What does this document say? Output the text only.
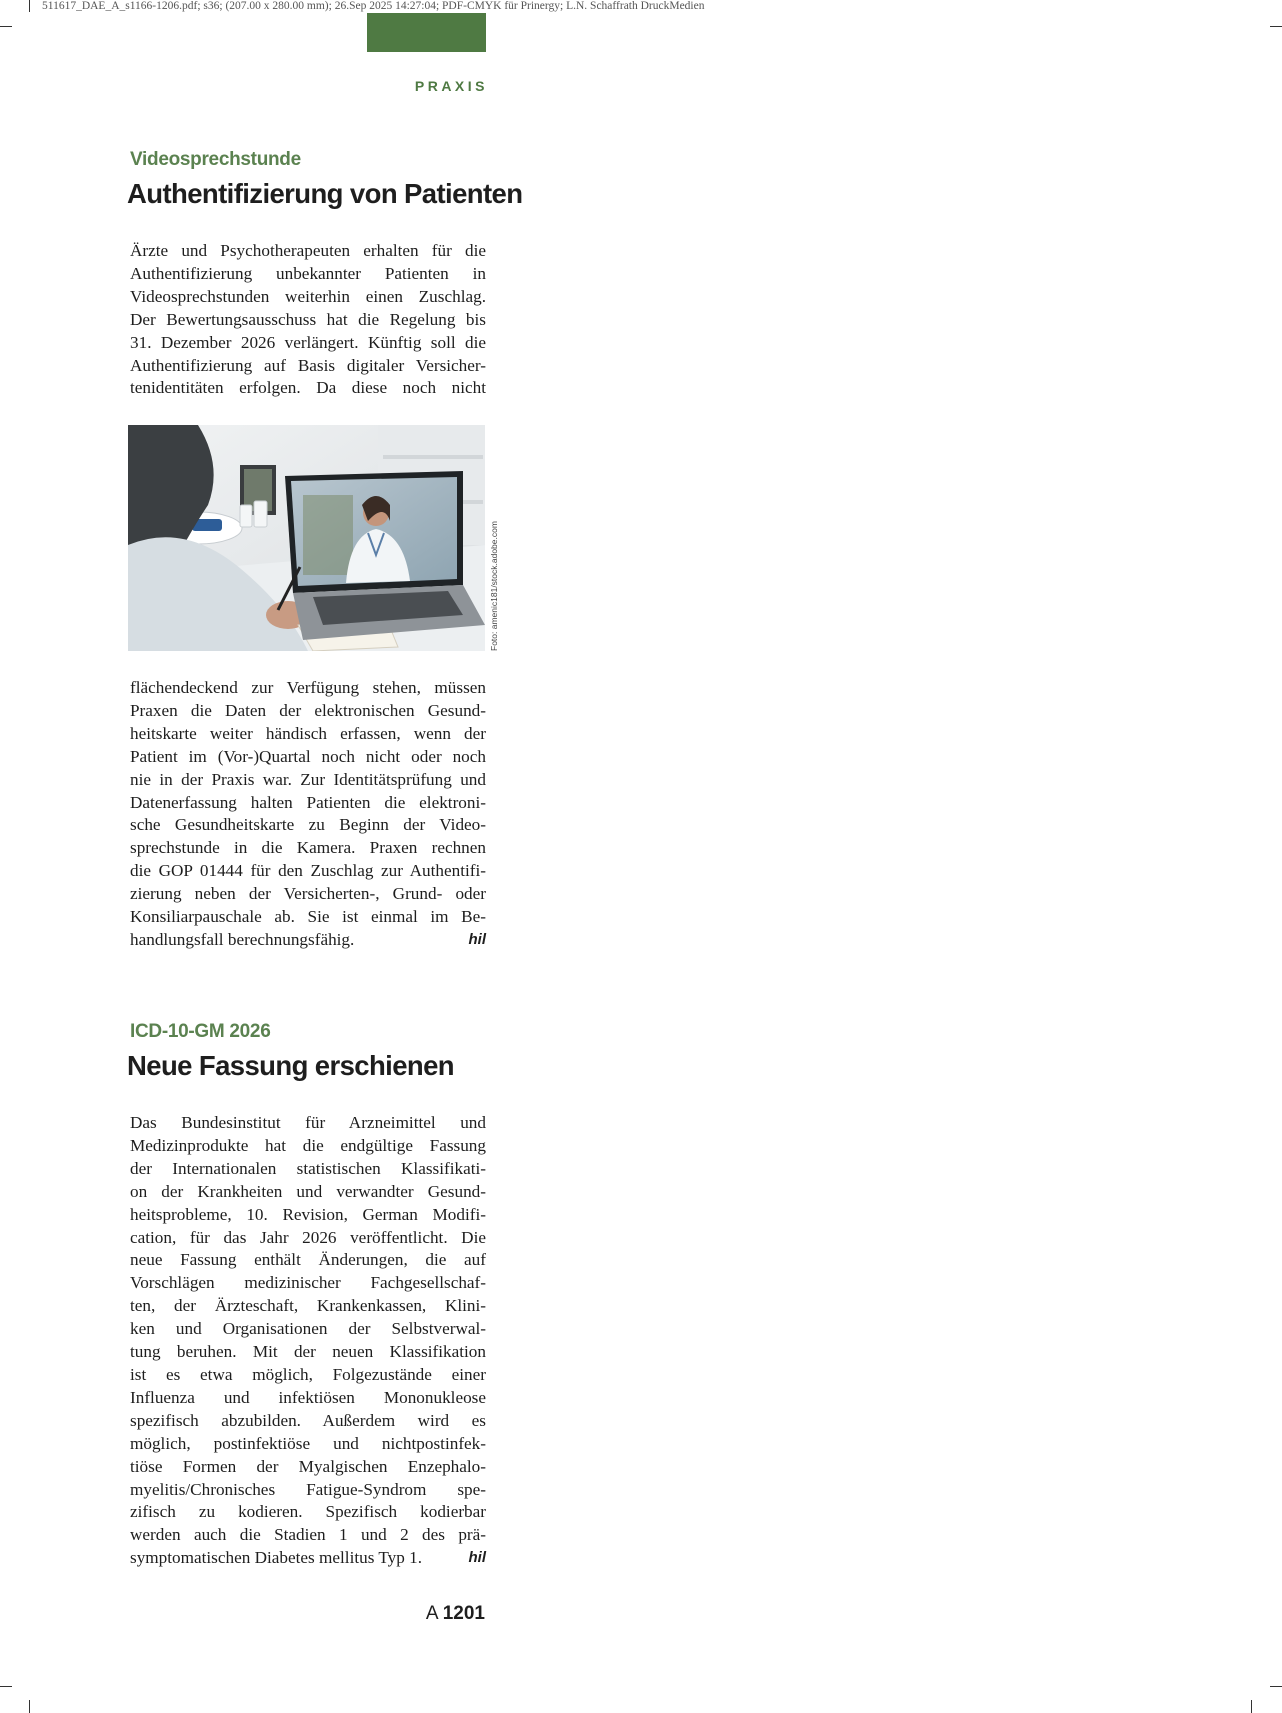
511617_DAE_A_s1166-1206.pdf; s36; (207.00 x 280.00 mm); 26.Sep 2025 14:27:04; PDF-CMYK für Prinergy; L.N. Schaffrath DruckMedien
PRAXIS
Videosprechstunde
Authentifizierung von Patienten
Ärzte und Psychotherapeuten erhalten für die
Authentifizierung unbekannter Patienten in
Videosprechstunden weiterhin einen Zuschlag.
Der Bewertungsausschuss hat die Regelung bis
31. Dezember 2026 verlängert. Künftig soll die
Authentifizierung auf Basis digitaler Versicher-
tenidentitäten erfolgen. Da diese noch nicht
Foto: amenic181/stock.adobe.com
flächendeckend zur Verfügung stehen, müssen
Praxen die Daten der elektronischen Gesund-
heitskarte weiter händisch erfassen, wenn der
Patient im (Vor-)Quartal noch nicht oder noch
nie in der Praxis war. Zur Identitätsprüfung und
Datenerfassung halten Patienten die elektroni-
sche Gesundheitskarte zu Beginn der Video-
sprechstunde in die Kamera. Praxen rechnen
die GOP 01444 für den Zuschlag zur Authentifi-
zierung neben der Versicherten-, Grund- oder
Konsiliarpauschale ab. Sie ist einmal im Be-
handlungsfall berechnungsfähig.	hil
ICD-10-GM 2026
Neue Fassung erschienen
Das Bundesinstitut für Arzneimittel und
Medizinprodukte hat die endgültige Fassung
der Internationalen statistischen Klassifikati-
on der Krankheiten und verwandter Gesund-
heitsprobleme, 10. Revision, German Modifi-
cation, für das Jahr 2026 veröffentlicht. Die
neue Fassung enthält Änderungen, die auf
Vorschlägen medizinischer Fachgesellschaf-
ten, der Ärzteschaft, Krankenkassen, Klini-
ken und Organisationen der Selbstverwal-
tung beruhen. Mit der neuen Klassifikation
ist es etwa möglich, Folgezustände einer
Influenza und infektiösen Mononukleose
spezifisch abzubilden. Außerdem wird es
möglich, postinfektiöse und nichtpostinfek-
tiöse Formen der Myalgischen Enzephalo-
myelitis/Chronisches Fatigue-Syndrom spe-
zifisch zu kodieren. Spezifisch kodierbar
werden auch die Stadien 1 und 2 des prä-
symptomatischen Diabetes mellitus Typ 1.	hil
A 1201
